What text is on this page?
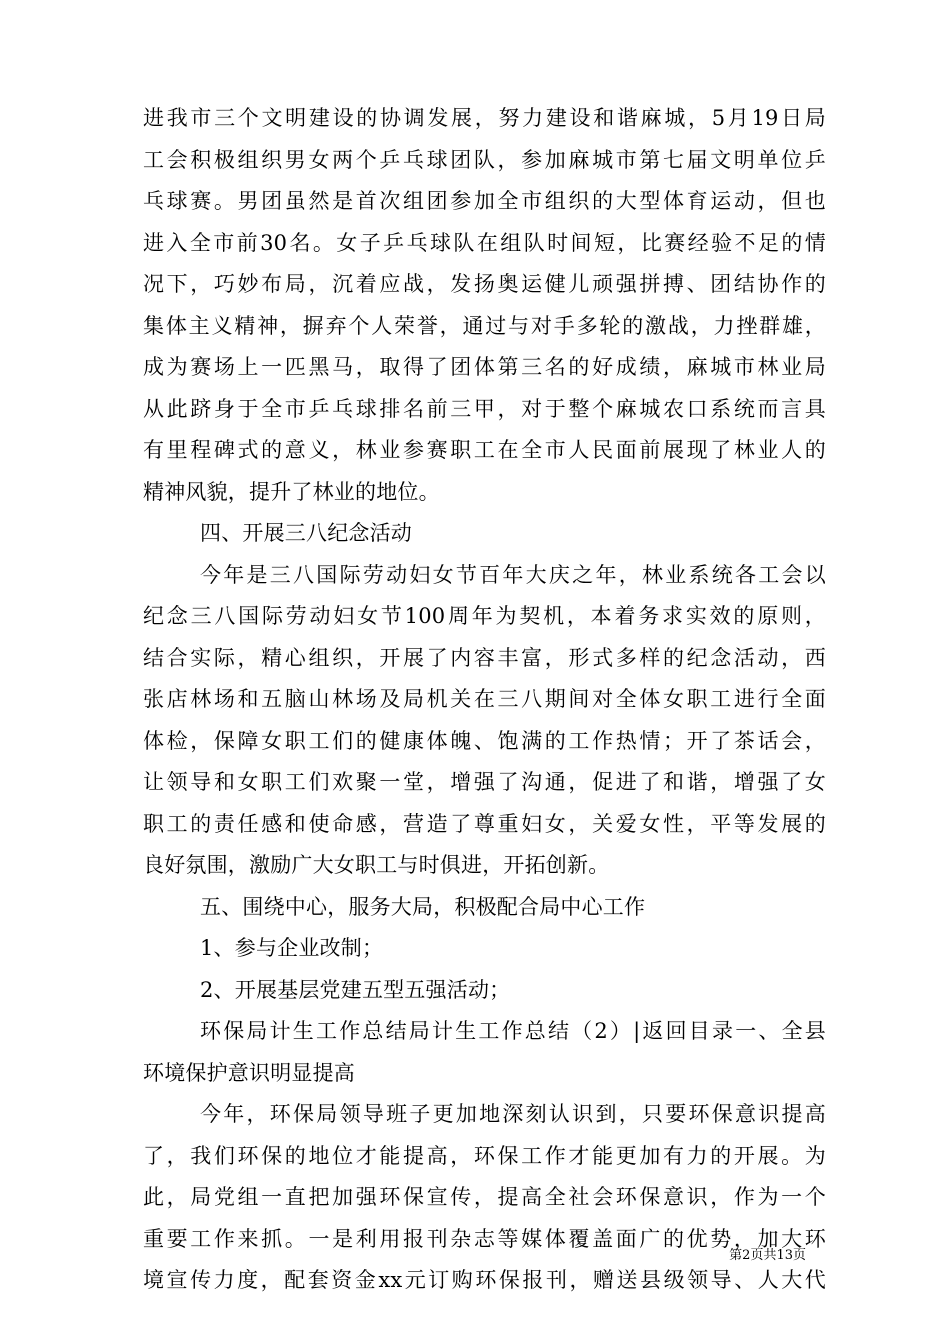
进我市三个文明建设的协调发展，努力建设和谐麻城，5月19日局
工会积极组织男女两个乒乓球团队，参加麻城市第七届文明单位乒
乓球赛。男团虽然是首次组团参加全市组织的大型体育运动，但也
进入全市前30名。女子乒乓球队在组队时间短，比赛经验不足的情
况下，巧妙布局，沉着应战，发扬奥运健儿顽强拼搏、团结协作的
集体主义精神，摒弃个人荣誉，通过与对手多轮的激战，力挫群雄，
成为赛场上一匹黑马，取得了团体第三名的好成绩，麻城市林业局
从此跻身于全市乒乓球排名前三甲，对于整个麻城农口系统而言具
有里程碑式的意义，林业参赛职工在全市人民面前展现了林业人的
精神风貌，提升了林业的地位。
四、开展三八纪念活动
今年是三八国际劳动妇女节百年大庆之年，林业系统各工会以
纪念三八国际劳动妇女节100周年为契机，本着务求实效的原则，
结合实际，精心组织，开展了内容丰富，形式多样的纪念活动，西
张店林场和五脑山林场及局机关在三八期间对全体女职工进行全面
体检，保障女职工们的健康体魄、饱满的工作热情；开了茶话会，
让领导和女职工们欢聚一堂，增强了沟通，促进了和谐，增强了女
职工的责任感和使命感，营造了尊重妇女，关爱女性，平等发展的
良好氛围，激励广大女职工与时俱进，开拓创新。
五、围绕中心，服务大局，积极配合局中心工作
1、参与企业改制；
2、开展基层党建五型五强活动；
环保局计生工作总结局计生工作总结（2）|返回目录一、全县
环境保护意识明显提高
今年，环保局领导班子更加地深刻认识到，只要环保意识提高
了，我们环保的地位才能提高，环保工作才能更加有力的开展。为
此，局党组一直把加强环保宣传，提高全社会环保意识，作为一个
重要工作来抓。一是利用报刊杂志等媒体覆盖面广的优势，加大环
境宣传力度，配套资金xx元订购环保报刊，赠送县级领导、人大代
第2页共13页
